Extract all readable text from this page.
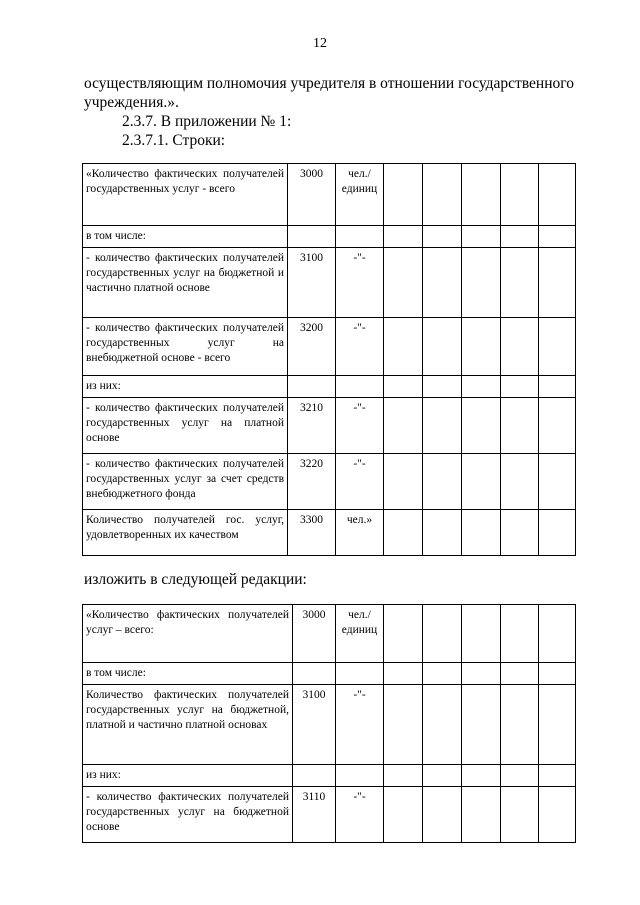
12
осуществляющим полномочия учредителя в отношении государственного
учреждения.».
2.3.7. В приложении № 1:
2.3.7.1. Строки:
«Количество фактических получателей государственных услуг - всего	3000	чел./ единиц					
в том числе:							
- количество фактических получателей государственных услуг на бюджетной и частично платной основе	3100	-"-					
- количество фактических получателей государственных услуг на внебюджетной основе - всего	3200	-"-					
из них:							
- количество фактических получателей государственных услуг на платной основе	3210	-"-					
- количество фактических получателей государственных услуг за счет средств внебюджетного фонда	3220	-"-					
Количество получателей гос. услуг, удовлетворенных их качеством	3300	чел.»					
изложить в следующей редакции:
«Количество фактических получателей услуг – всего:	3000	чел./ единиц					
в том числе:							
Количество фактических получателей государственных услуг на бюджетной, платной и частично платной основах	3100	-"-					
из них:							
- количество фактических получателей государственных услуг на бюджетной основе	3110	-"-					
